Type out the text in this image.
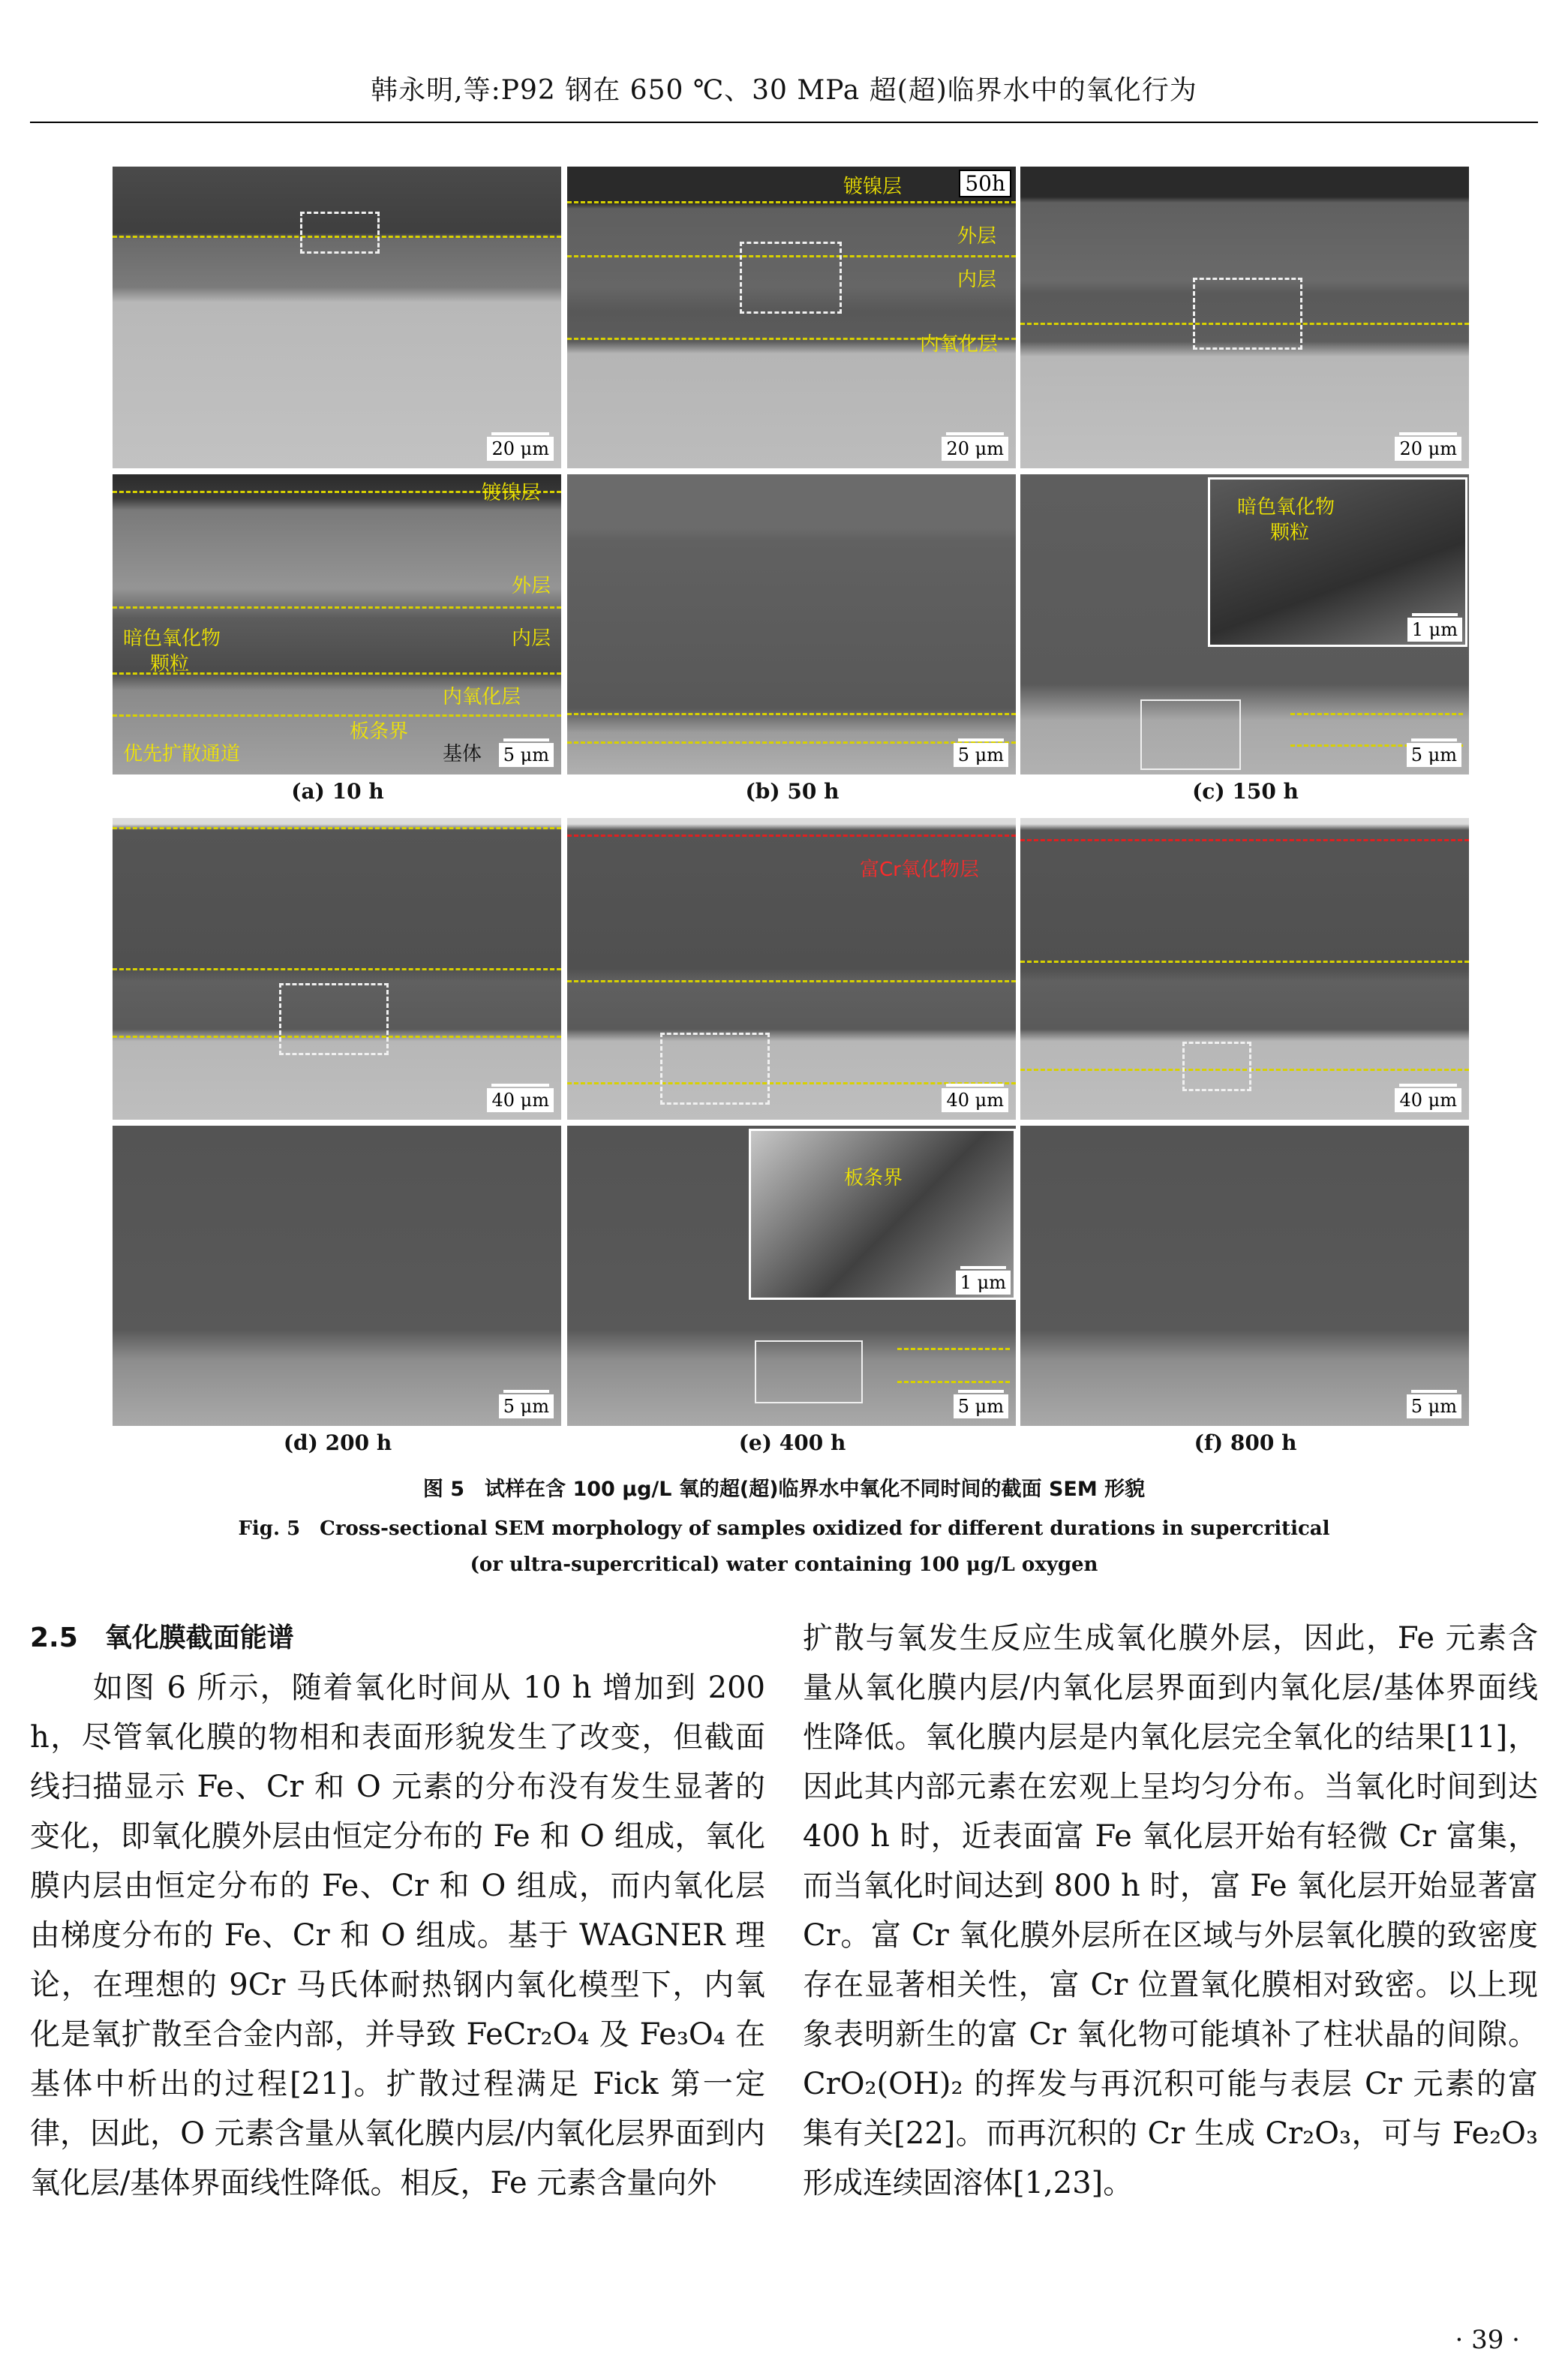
韩永明,等:P92 钢在 650 ℃、30 MPa 超(超)临界水中的氧化行为
20 μm
50h
镀镍层
外层
内层
内氧化层
20 μm	20 μm
镀镍层
外层
内层
暗色氧化物
颗粒
内氧化层
板条界
基体
优先扩散通道	5 μm	5 μm
暗色氧化物
颗粒
1 μm
5 μm
(a) 10 h	(b) 50 h	(c) 150 h
40 μm
富Cr氧化物层
40 μm	40 μm
5 μm
板条界
1 μm
5 μm	5 μm
(d) 200 h	(e) 400 h	(f) 800 h
图 5　试样在含 100 μg/L 氧的超(超)临界水中氧化不同时间的截面 SEM 形貌
Fig. 5　Cross-sectional SEM morphology of samples oxidized for different durations in supercritical
(or ultra-supercritical) water containing 100 μg/L oxygen

2.5　氧化膜截面能谱

　　如图 6 所示，随着氧化时间从 10 h 增加到 200 h，尽管氧化膜的物相和表面形貌发生了改变，但截面线扫描显示 Fe、Cr 和 O 元素的分布没有发生显著的变化，即氧化膜外层由恒定分布的 Fe 和 O 组成，氧化膜内层由恒定分布的 Fe、Cr 和 O 组成，而内氧化层由梯度分布的 Fe、Cr 和 O 组成。基于 WAGNER 理论，在理想的 9Cr 马氏体耐热钢内氧化模型下，内氧化是氧扩散至合金内部，并导致 FeCr₂O₄ 及 Fe₃O₄ 在基体中析出的过程[21]。扩散过程满足 Fick 第一定律，因此，O 元素含量从氧化膜内层/内氧化层界面到内氧化层/基体界面线性降低。相反，Fe 元素含量向外

扩散与氧发生反应生成氧化膜外层，因此，Fe 元素含量从氧化膜内层/内氧化层界面到内氧化层/基体界面线性降低。氧化膜内层是内氧化层完全氧化的结果[11]，因此其内部元素在宏观上呈均匀分布。当氧化时间到达 400 h 时，近表面富 Fe 氧化层开始有轻微 Cr 富集，而当氧化时间达到 800 h 时，富 Fe 氧化层开始显著富 Cr。富 Cr 氧化膜外层所在区域与外层氧化膜的致密度存在显著相关性，富 Cr 位置氧化膜相对致密。以上现象表明新生的富 Cr 氧化物可能填补了柱状晶的间隙。CrO₂(OH)₂ 的挥发与再沉积可能与表层 Cr 元素的富集有关[22]。而再沉积的 Cr 生成 Cr₂O₃，可与 Fe₂O₃ 形成连续固溶体[1,23]。

· 39 ·
